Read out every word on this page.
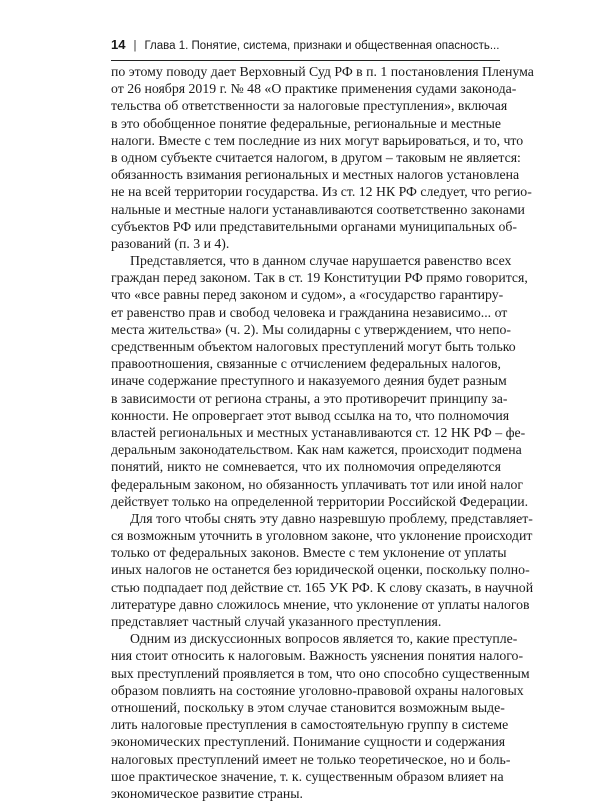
14 | Глава 1. Понятие, система, признаки и общественная опасность...
по этому поводу дает Верховный Суд РФ в п. 1 постановления Пленума
от 26 ноября 2019 г. № 48 «О практике применения судами законода-
тельства об ответственности за налоговые преступления», включая
в это обобщенное понятие федеральные, региональные и местные
налоги. Вместе с тем последние из них могут варьироваться, и то, что
в одном субъекте считается налогом, в другом – таковым не является:
обязанность взимания региональных и местных налогов установлена
не на всей территории государства. Из ст. 12 НК РФ следует, что регио-
нальные и местные налоги устанавливаются соответственно законами
субъектов РФ или представительными органами муниципальных об-
разований (п. 3 и 4).
Представляется, что в данном случае нарушается равенство всех
граждан перед законом. Так в ст. 19 Конституции РФ прямо говорится,
что «все равны перед законом и судом», а «государство гарантиру-
ет равенство прав и свобод человека и гражданина независимо... от
места жительства» (ч. 2). Мы солидарны с утверждением, что непо-
средственным объектом налоговых преступлений могут быть только
правоотношения, связанные с отчислением федеральных налогов,
иначе содержание преступного и наказуемого деяния будет разным
в зависимости от региона страны, а это противоречит принципу за-
конности. Не опровергает этот вывод ссылка на то, что полномочия
властей региональных и местных устанавливаются ст. 12 НК РФ – фе-
деральным законодательством. Как нам кажется, происходит подмена
понятий, никто не сомневается, что их полномочия определяются
федеральным законом, но обязанность уплачивать тот или иной налог
действует только на определенной территории Российской Федерации.
Для того чтобы снять эту давно назревшую проблему, представляет-
ся возможным уточнить в уголовном законе, что уклонение происходит
только от федеральных законов. Вместе с тем уклонение от уплаты
иных налогов не останется без юридической оценки, поскольку полно-
стью подпадает под действие ст. 165 УК РФ. К слову сказать, в научной
литературе давно сложилось мнение, что уклонение от уплаты налогов
представляет частный случай указанного преступления.
Одним из дискуссионных вопросов является то, какие преступле-
ния стоит относить к налоговым. Важность уяснения понятия налого-
вых преступлений проявляется в том, что оно способно существенным
образом повлиять на состояние уголовно-правовой охраны налоговых
отношений, поскольку в этом случае становится возможным выде-
лить налоговые преступления в самостоятельную группу в системе
экономических преступлений. Понимание сущности и содержания
налоговых преступлений имеет не только теоретическое, но и боль-
шое практическое значение, т. к. существенным образом влияет на
экономическое развитие страны.
